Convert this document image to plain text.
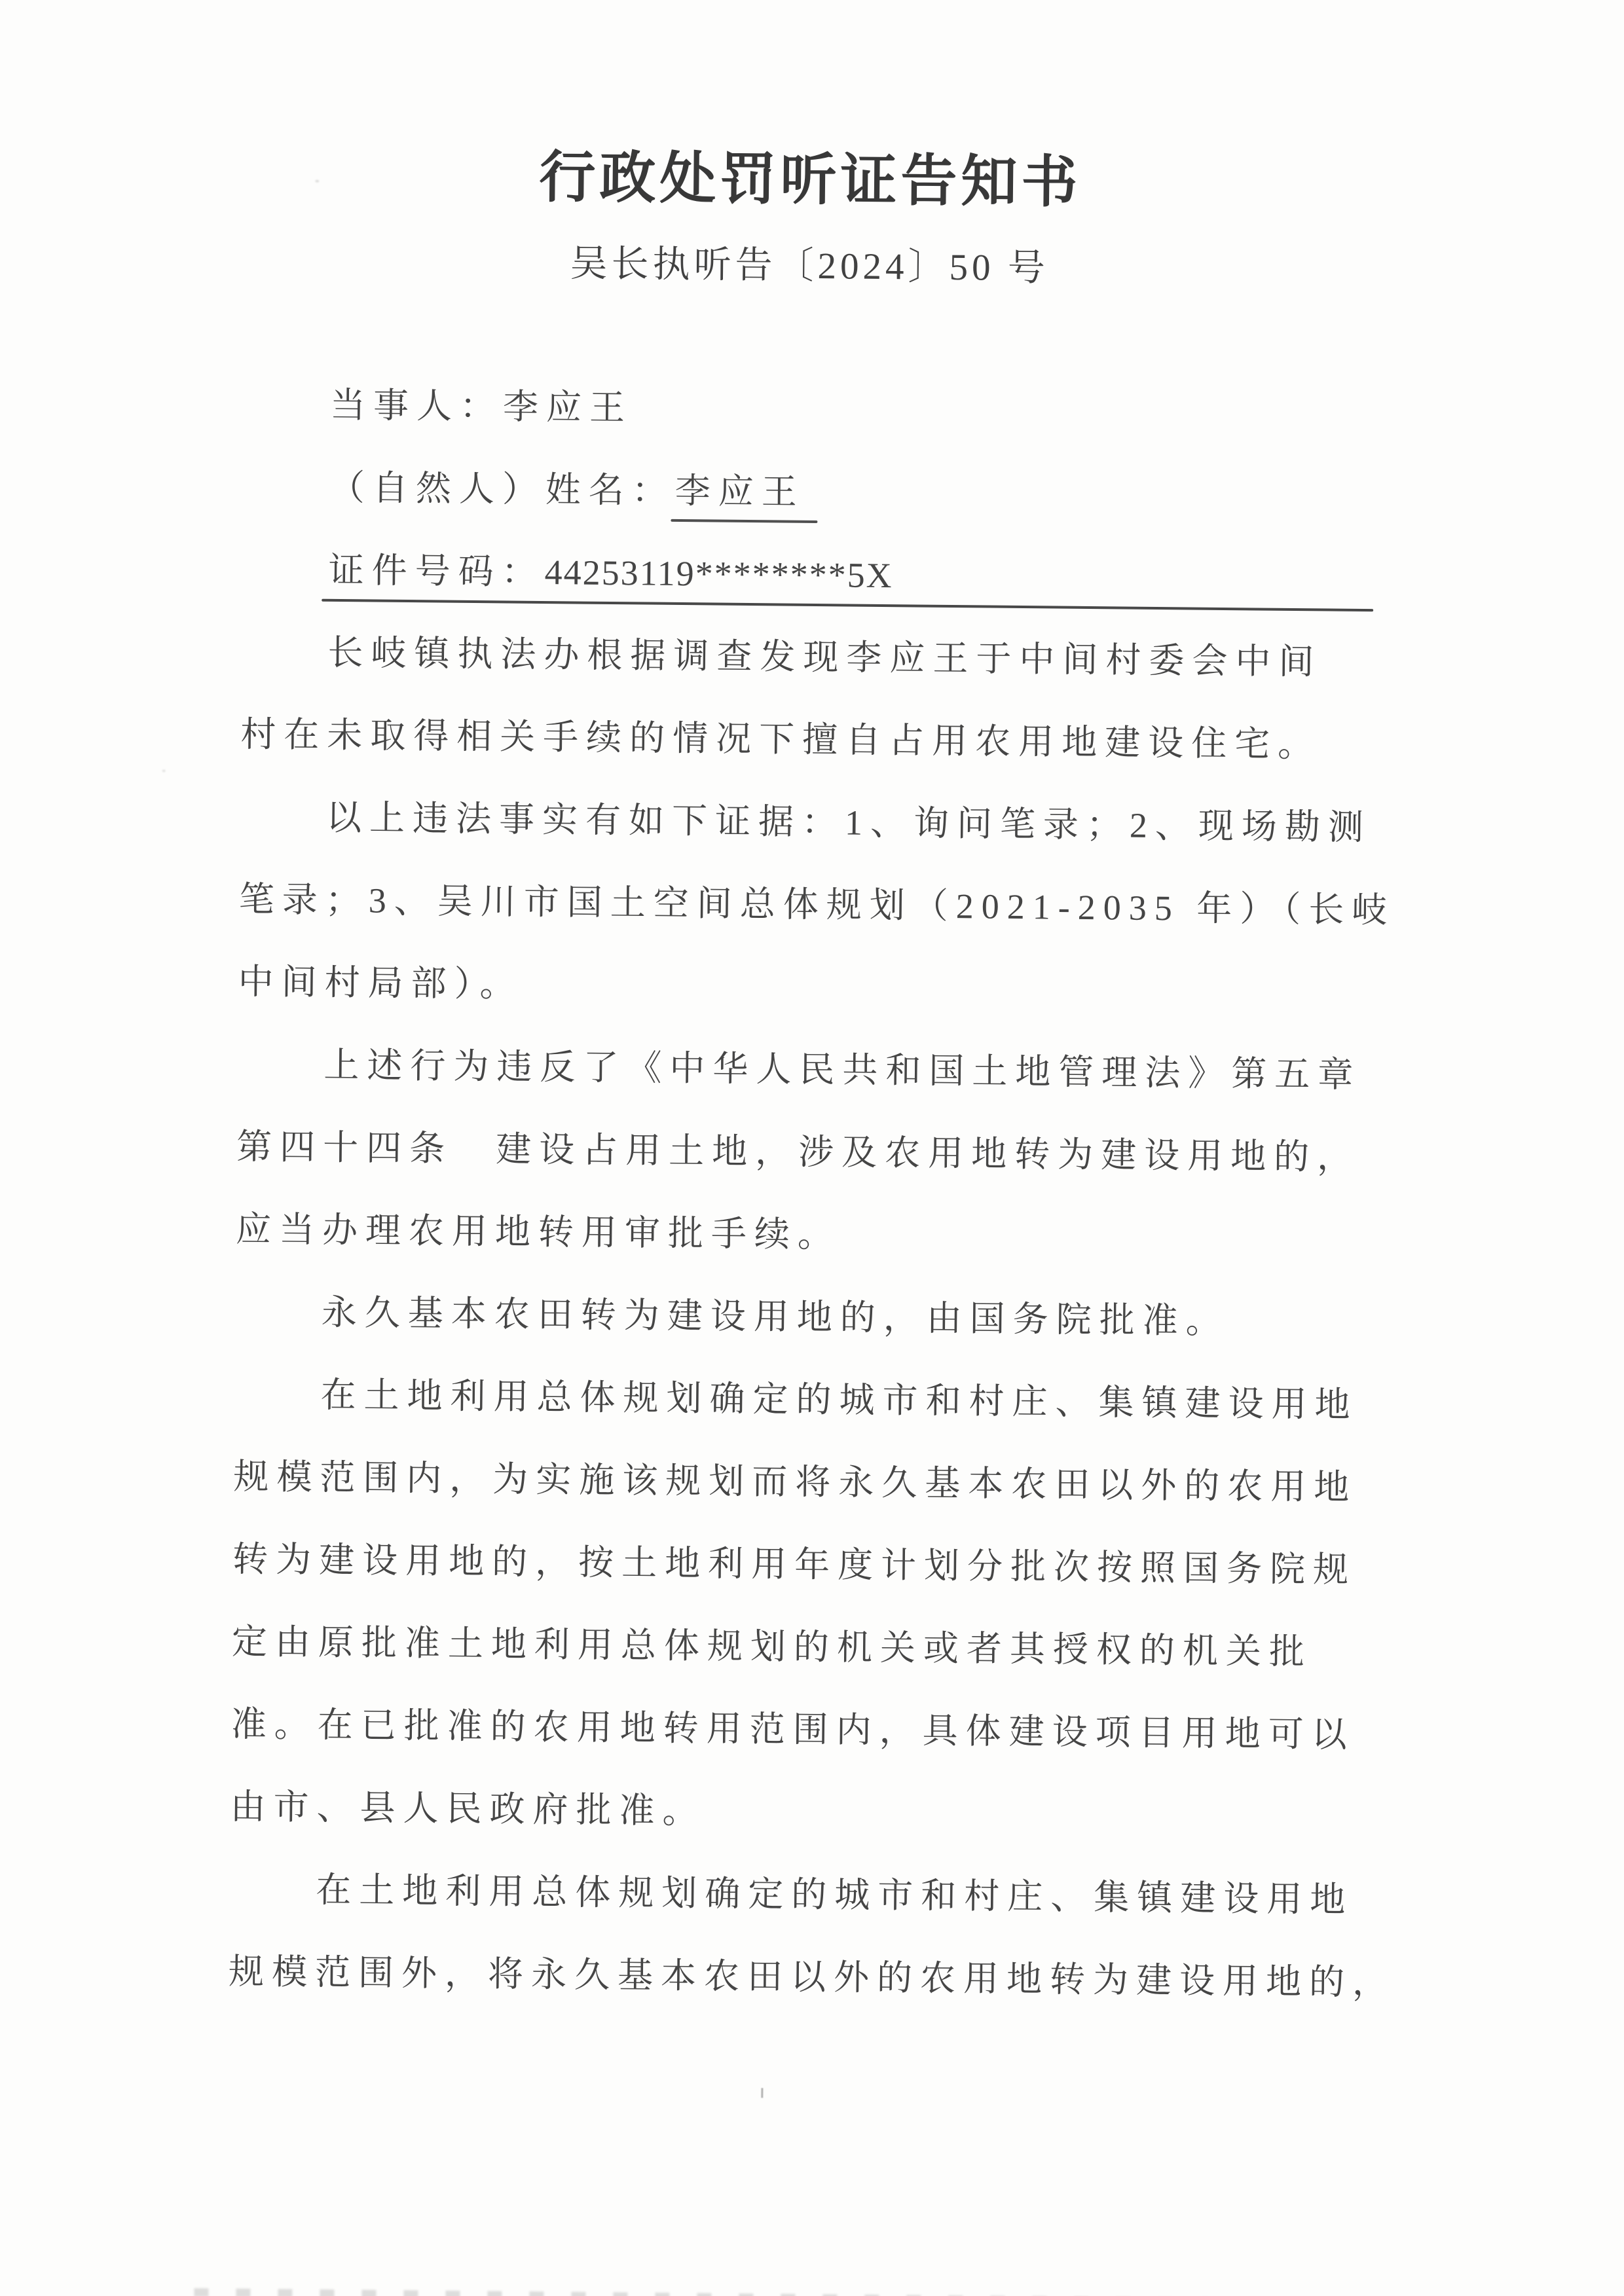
行政处罚听证告知书
吴长执听告〔2024〕50 号
当事人：李应王
（自然人）姓名：李应王
证件号码：44253119********5X
长岐镇执法办根据调查发现李应王于中间村委会中间
村在未取得相关手续的情况下擅自占用农用地建设住宅。
以上违法事实有如下证据：1、询问笔录；2、现场勘测
笔录；3、吴川市国土空间总体规划（2021-2035 年）（长岐
中间村局部）。
上述行为违反了《中华人民共和国土地管理法》第五章
第四十四条　建设占用土地，涉及农用地转为建设用地的，
应当办理农用地转用审批手续。
永久基本农田转为建设用地的，由国务院批准。
在土地利用总体规划确定的城市和村庄、集镇建设用地
规模范围内，为实施该规划而将永久基本农田以外的农用地
转为建设用地的，按土地利用年度计划分批次按照国务院规
定由原批准土地利用总体规划的机关或者其授权的机关批
准。在已批准的农用地转用范围内，具体建设项目用地可以
由市、县人民政府批准。
在土地利用总体规划确定的城市和村庄、集镇建设用地
规模范围外，将永久基本农田以外的农用地转为建设用地的，
